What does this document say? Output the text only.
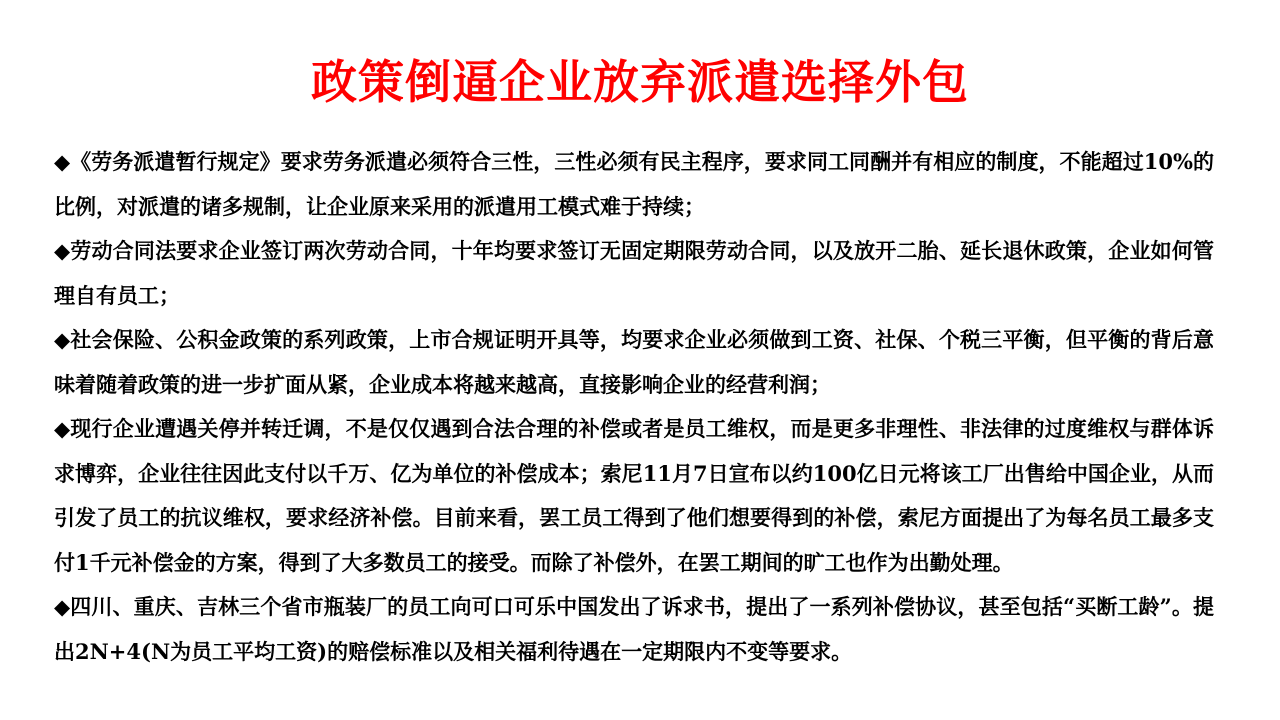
政策倒逼企业放弃派遣选择外包

◆《劳务派遣暂行规定》要求劳务派遣必须符合三性，三性必须有民主程序，要求同工同酬并有相应的制度，不能超过10%的比例，对派遣的诸多规制，让企业原来采用的派遣用工模式难于持续；

◆劳动合同法要求企业签订两次劳动合同，十年均要求签订无固定期限劳动合同，以及放开二胎、延长退休政策，企业如何管理自有员工；

◆社会保险、公积金政策的系列政策，上市合规证明开具等，均要求企业必须做到工资、社保、个税三平衡，但平衡的背后意味着随着政策的进一步扩面从紧，企业成本将越来越高，直接影响企业的经营利润；

◆现行企业遭遇关停并转迁调，不是仅仅遇到合法合理的补偿或者是员工维权，而是更多非理性、非法律的过度维权与群体诉求博弈，企业往往因此支付以千万、亿为单位的补偿成本；索尼11月7日宣布以约100亿日元将该工厂出售给中国企业，从而引发了员工的抗议维权，要求经济补偿。目前来看，罢工员工得到了他们想要得到的补偿，索尼方面提出了为每名员工最多支付1千元补偿金的方案，得到了大多数员工的接受。而除了补偿外，在罢工期间的旷工也作为出勤处理。

◆四川、重庆、吉林三个省市瓶装厂的员工向可口可乐中国发出了诉求书，提出了一系列补偿协议，甚至包括“买断工龄”。提出2N+4(N为员工平均工资)的赔偿标准以及相关福利待遇在一定期限内不变等要求。
